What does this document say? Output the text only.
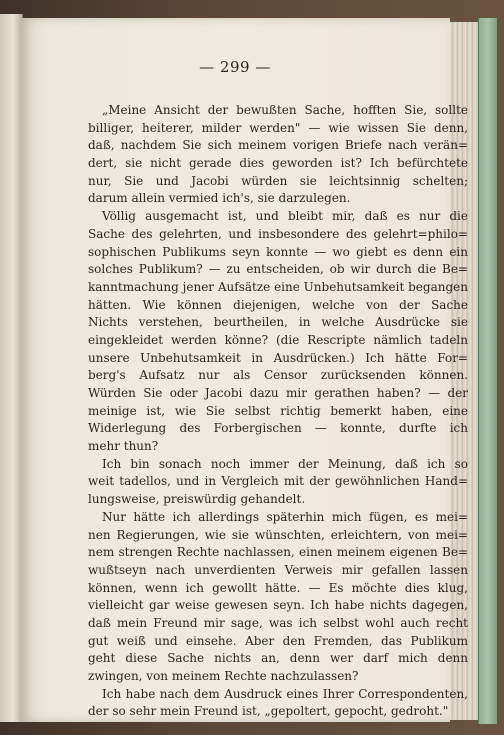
— 299 —
„Meine Ansicht der bewußten Sache, hofften Sie, sollte
billiger, heiterer, milder werden" — wie wissen Sie denn,
daß, nachdem Sie sich meinem vorigen Briefe nach verän=
dert, sie nicht gerade dies geworden ist? Ich befürchtete
nur, Sie und Jacobi würden sie leichtsinnig schelten;
darum allein vermied ich's, sie darzulegen.
Völlig ausgemacht ist, und bleibt mir, daß es nur die
Sache des gelehrten, und insbesondere des gelehrt=philo=
sophischen Publikums seyn konnte — wo giebt es denn ein
solches Publikum? — zu entscheiden, ob wir durch die Be=
kanntmachung jener Aufsätze eine Unbehutsamkeit begangen
hätten. Wie können diejenigen, welche von der Sache
Nichts verstehen, beurtheilen, in welche Ausdrücke sie
eingekleidet werden könne? (die Rescripte nämlich tadeln
unsere Unbehutsamkeit in Ausdrücken.) Ich hätte For=
berg's Aufsatz nur als Censor zurücksenden können.
Würden Sie oder Jacobi dazu mir gerathen haben? — der
meinige ist, wie Sie selbst richtig bemerkt haben, eine
Widerlegung des Forbergischen — konnte, durfte ich
mehr thun?
Ich bin sonach noch immer der Meinung, daß ich so
weit tadellos, und in Vergleich mit der gewöhnlichen Hand=
lungsweise, preiswürdig gehandelt.
Nur hätte ich allerdings späterhin mich fügen, es mei=
nen Regierungen, wie sie wünschten, erleichtern, von mei=
nem strengen Rechte nachlassen, einen meinem eigenen Be=
wußtseyn nach unverdienten Verweis mir gefallen lassen
können, wenn ich gewollt hätte. — Es möchte dies klug,
vielleicht gar weise gewesen seyn. Ich habe nichts dagegen,
daß mein Freund mir sage, was ich selbst wohl auch recht
gut weiß und einsehe. Aber den Fremden, das Publikum
geht diese Sache nichts an, denn wer darf mich denn
zwingen, von meinem Rechte nachzulassen?
Ich habe nach dem Ausdruck eines Ihrer Correspondenten,
der so sehr mein Freund ist, „gepoltert, gepocht, gedroht."
